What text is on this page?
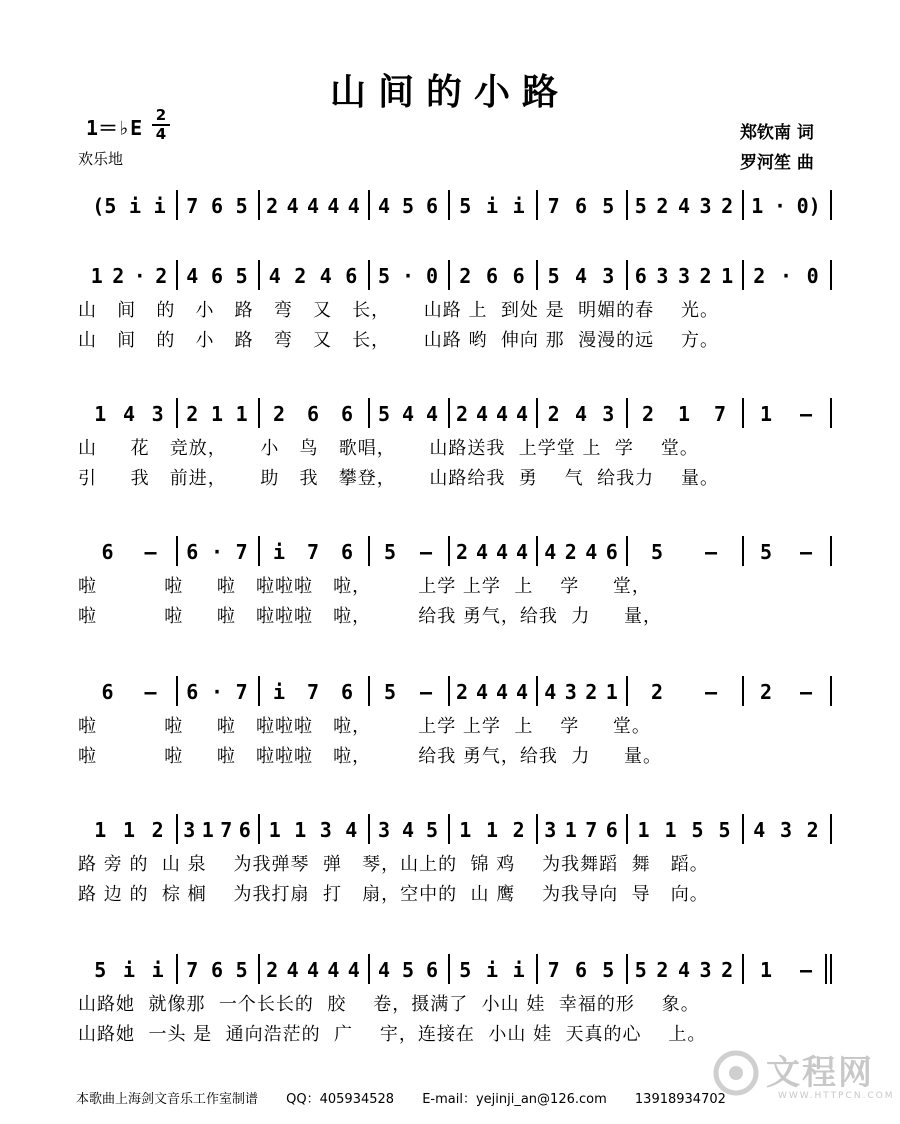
山间的小路
1＝♭E
2
4
欢乐地
郑钦南 词
罗河笙 曲
(5 i i 7 6 5 2 4 4 4 4 4 5 6 5 i i 7 6 5 5 2 4 3 2 1 · 0)
1 2 · 2 4 6 5 4 2 4 6 5 · 0 2 6 6 5 4 3 6 3 3 2 1 2 · 0
1 4 3 2 1 1 2 6 6 5 4 4 2 4 4 4 2 4 3 2 1 7 1 –
6 – 6 · 7 i 7 6 5 – 2 4 4 4 4 2 4 6 5 – 5 –
6 – 6 · 7 i 7 6 5 – 2 4 4 4 4 3 2 1 2 – 2 –
1 1 2 3 1 7 6 1 1 3 4 3 4 5 1 1 2 3 1 7 6 1 1 5 5 4 3 2
5 i i 7 6 5 2 4 4 4 4 4 5 6 5 i i 7 6 5 5 2 4 3 2 1 –
山   间   的   小   路   弯   又   长，     山路 上  到处 是  明媚的春    光。
山   间   的   小   路   弯   又   长，     山路 哟  伸向 那  漫漫的远    方。
山     花   竞放，     小   鸟   歌唱，     山路送我  上学堂 上  学    堂。
引     我   前进，     助   我   攀登，     山路给我  勇    气  给我力    量。
啦          啦     啦   啦啦啦   啦，       上学 上学  上    学     堂，
啦          啦     啦   啦啦啦   啦，       给我 勇气，给我  力     量，
啦          啦     啦   啦啦啦   啦，       上学 上学  上    学     堂。
啦          啦     啦   啦啦啦   啦，       给我 勇气，给我  力     量。
路 旁 的  山 泉    为我弹琴  弹   琴，山上的  锦 鸡    为我舞蹈  舞   蹈。
路 边 的  棕 榈    为我打扇  打   扇，空中的  山 鹰    为我导向  导   向。
山路她  就像那  一个长长的  胶    卷，摄满了  小山 娃  幸福的形    象。
山路她  一头 是  通向浩茫的  广    宇，连接在  小山 娃  天真的心    上。
本歌曲上海剑文音乐工作室制谱 QQ：405934528 E-mail：yejinji_an@126.com 13918934702
文程网
WWW.HTTPCN.COM
